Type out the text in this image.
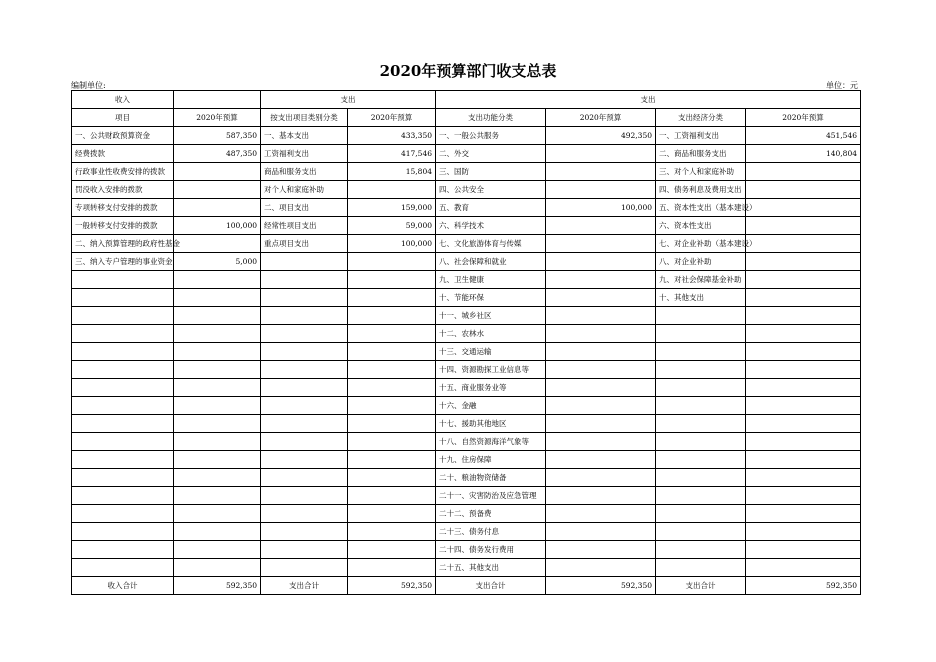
2020年预算部门收支总表
编制单位:	单位：元
收入		支出		支出			
项目	2020年预算	按支出项目类别分类	2020年预算	支出功能分类	2020年预算	支出经济分类	2020年预算
一、公共财政预算资金	587,350	一、基本支出	433,350	一、一般公共服务	492,350	一、工资福利支出	451,546
经费拨款	487,350	工资福利支出	417,546	二、外交		二、商品和服务支出	140,804
行政事业性收费安排的拨款		商品和服务支出	15,804	三、国防		三、对个人和家庭补助	
罚没收入安排的拨款		对个人和家庭补助		四、公共安全		四、债务利息及费用支出	
专项转移支付安排的拨款		二、项目支出	159,000	五、教育	100,000	五、资本性支出（基本建设）	
一般转移支付安排的拨款	100,000	经常性项目支出	59,000	六、科学技术		六、资本性支出	
二、纳入预算管理的政府性基金		重点项目支出	100,000	七、文化旅游体育与传媒		七、对企业补助（基本建设）	
三、纳入专户管理的事业资金	5,000			八、社会保障和就业		八、对企业补助	
				九、卫生健康		九、对社会保障基金补助	
				十、节能环保		十、其他支出	
				十一、城乡社区			
				十二、农林水			
				十三、交通运输			
				十四、资源勘探工业信息等			
				十五、商业服务业等			
				十六、金融			
				十七、援助其他地区			
				十八、自然资源海洋气象等			
				十九、住房保障			
				二十、粮油物资储备			
				二十一、灾害防治及应急管理			
				二十二、预备费			
				二十三、债务付息			
				二十四、债务发行费用			
				二十五、其他支出			
收入合计	592,350	支出合计	592,350	支出合计	592,350	支出合计	592,350
